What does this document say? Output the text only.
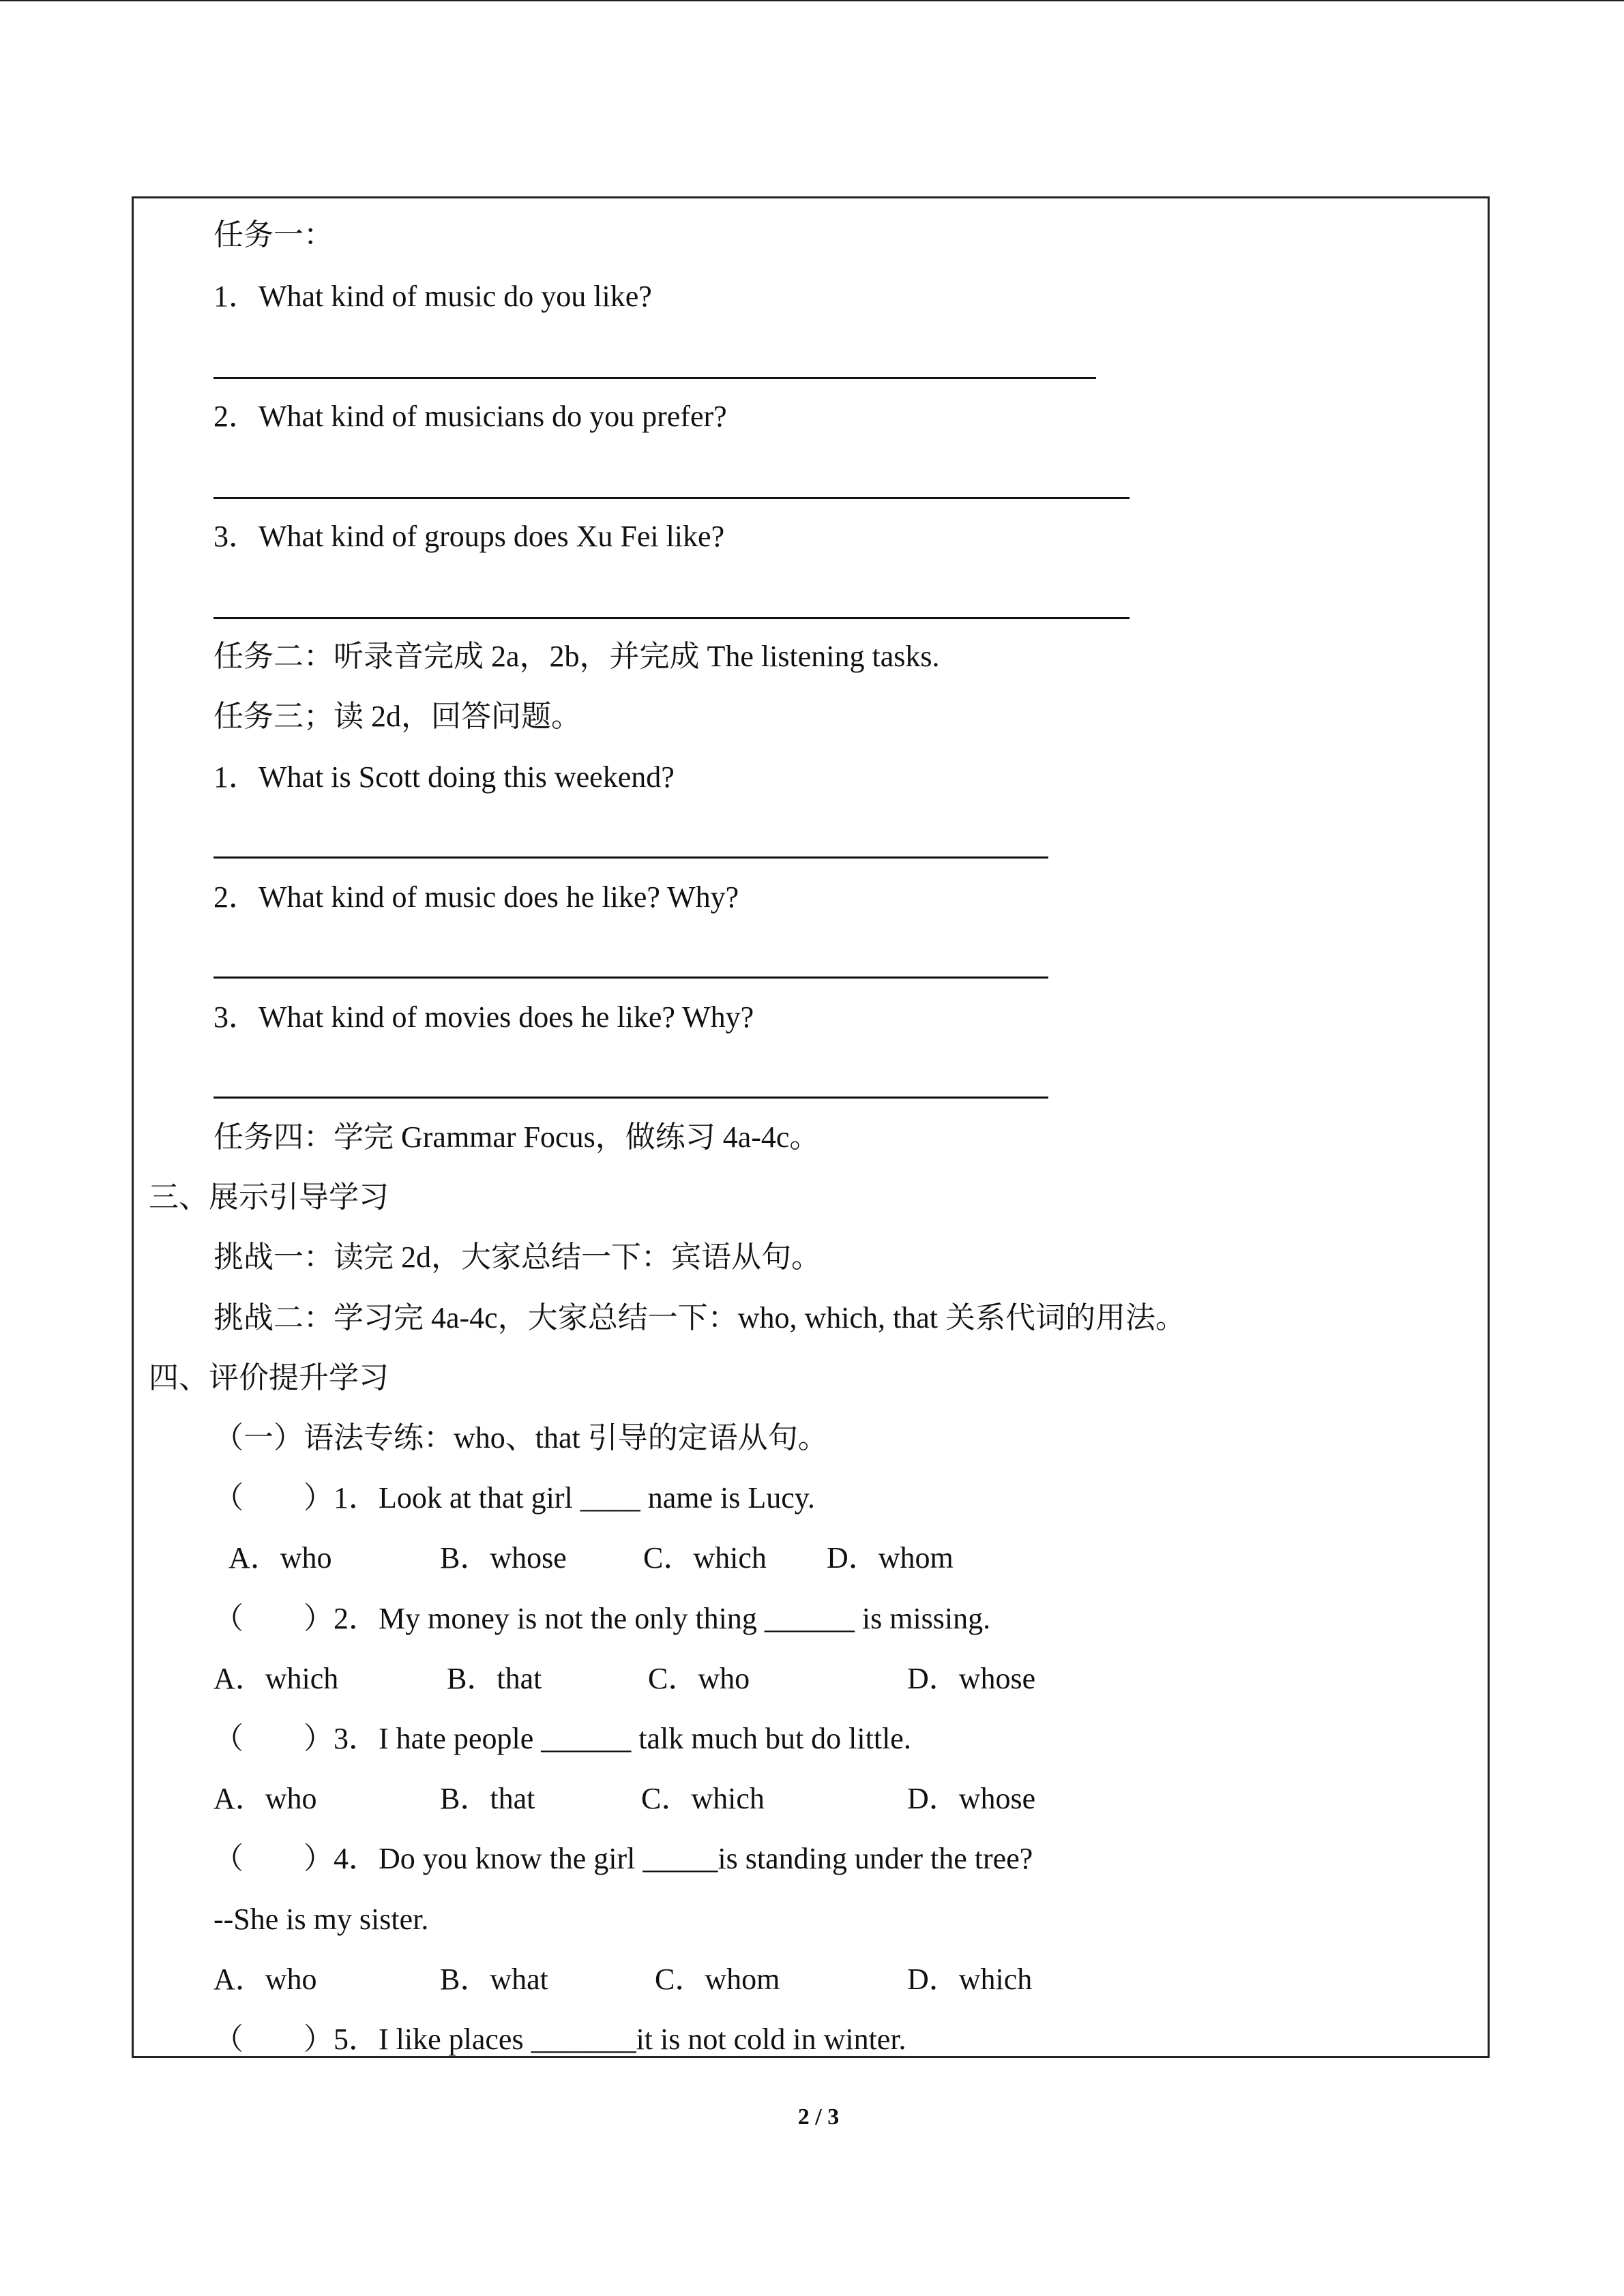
任务一：
1．What kind of music do you like?
2．What kind of musicians do you prefer?
3．What kind of groups does Xu Fei like?
任务二：听录音完成 2a，2b，并完成 The listening tasks.
任务三；读 2d，回答问题。
1．What is Scott doing this weekend?
2．What kind of music does he like? Why?
3．What kind of movies does he like? Why?
任务四：学完 Grammar Focus，做练习 4a-4c。
三、展示引导学习
挑战一：读完 2d，大家总结一下：宾语从句。
挑战二：学习完 4a-4c，大家总结一下：who, which, that 关系代词的用法。
四、评价提升学习
（一）语法专练：who、that 引导的定语从句。
（　　）1．Look at that girl ____ name is Lucy.
A．who	B．whose	C．which D．whom
（　　）2．My money is not the only thing ______ is missing.
A．which	B．that	C．who	D．whose
（　　）3．I hate people ______ talk much but do little.
A．who	B．that	C．which	D．whose
（　　）4．Do you know the girl _____is standing under the tree?
--She is my sister.
A．who	B．what	C．whom	D．which
（　　）5．I like places _______it is not cold in winter.
2 / 3
